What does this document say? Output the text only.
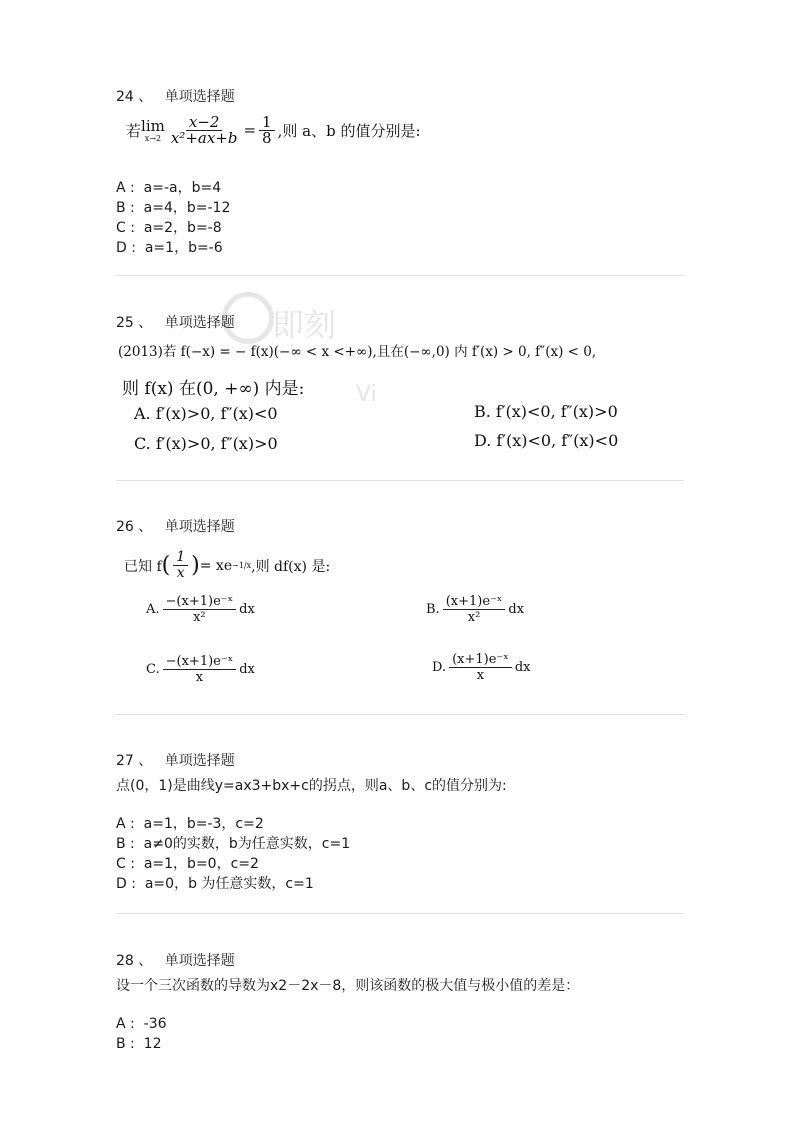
24 、 单项选择题
若 lim
$x\to 2 \frac{x-2}{\text{x²+ax+b}} = \frac{1}{8}$ ,则 a、b 的值分别是:
A :  a=-a，b=4
B :  a=4，b=-12
C :  a=2，b=-8
D :  a=1，b=-6
即刻
Vi
25 、 单项选择题
(2013)若 f(−x) = − f(x)(−∞ < x <+∞),且在(−∞,0) 内 f′(x) > 0, f″(x) < 0,
则 f(x) 在(0, +∞) 内是:
A. f′(x)>0, f″(x)<0	B. f′(x)<0, f″(x)>0
C. f′(x)>0, f″(x)>0	D. f′(x)<0, f″(x)<0
26 、 单项选择题
已知 f ( $\frac{1}{x}$ ) = xe −1/x ,则 df(x) 是:
A. $\frac{\text{−(x+1)e⁻ˣ}}{\text{x²}}$ dx	B. $\frac{\text{(x+1)e⁻ˣ}}{\text{x²}}$ dx
C. $\frac{\text{−(x+1)e⁻ˣ}}{x}$ dx	D. $\frac{\text{(x+1)e⁻ˣ}}{x}$ dx
27 、 单项选择题
点(0，1)是曲线y=ax3+bx+c的拐点，则a、b、c的值分别为:
A :  a=1，b=-3，c=2
B :  a≠0的实数，b为任意实数，c=1
C :  a=1，b=0，c=2
D :  a=0，b 为任意实数，c=1
28 、 单项选择题
设一个三次函数的导数为x2－2x－8，则该函数的极大值与极小值的差是：
A :  -36
B :  12
